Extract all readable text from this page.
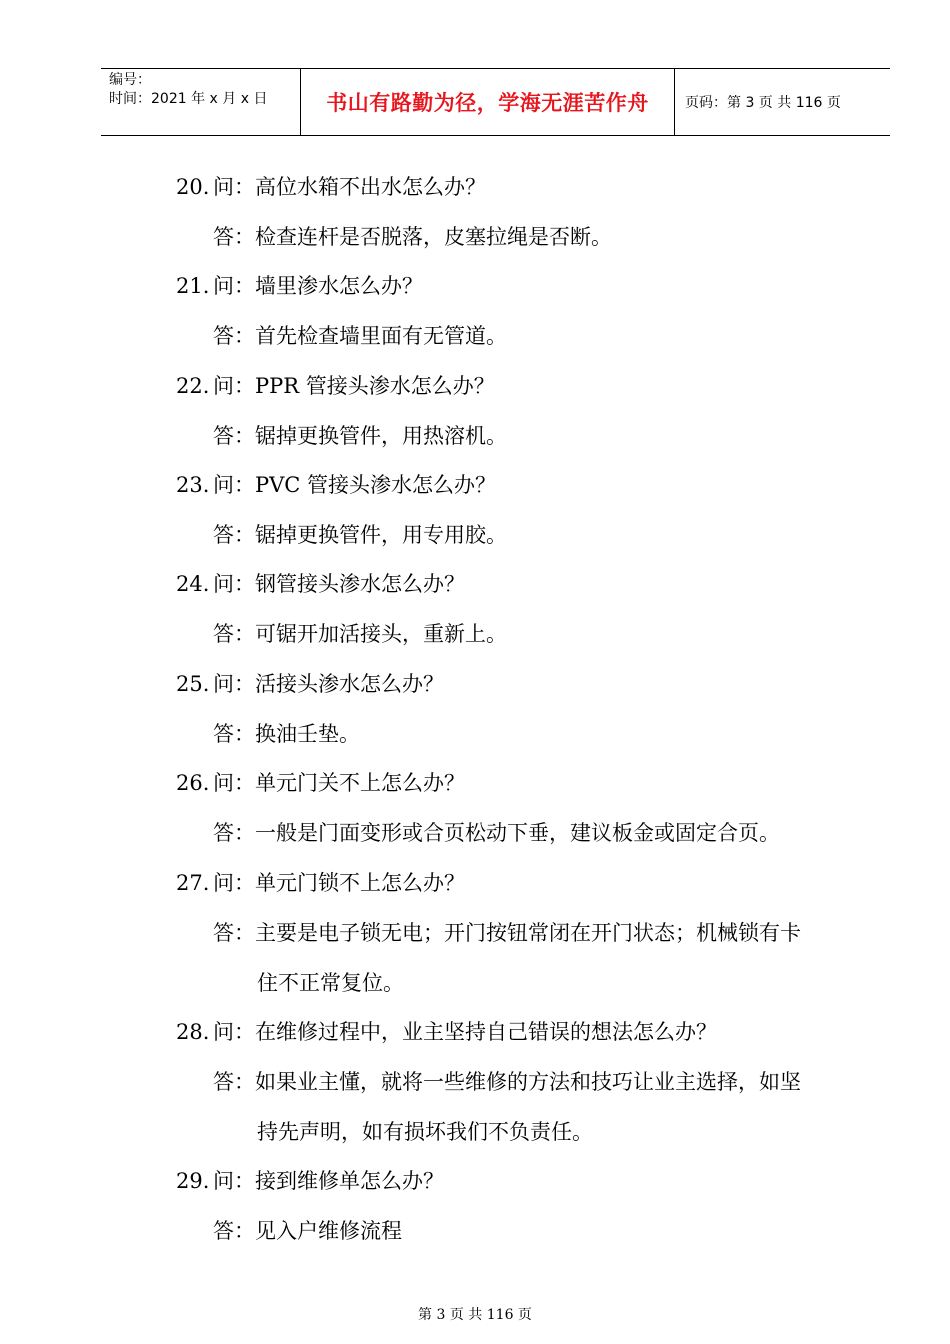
编号：
时间：2021 年 x 月 x 日	书山有路勤为径，学海无涯苦作舟	页码：第 3 页 共 116 页
20. 问：高位水箱不出水怎么办？
答：检查连杆是否脱落，皮塞拉绳是否断。
21. 问：墙里渗水怎么办？
答：首先检查墙里面有无管道。
22. 问：PPR 管接头渗水怎么办？
答：锯掉更换管件，用热溶机。
23. 问：PVC 管接头渗水怎么办？
答：锯掉更换管件，用专用胶。
24. 问：钢管接头渗水怎么办？
答：可锯开加活接头，重新上。
25. 问：活接头渗水怎么办？
答：换油壬垫。
26. 问：单元门关不上怎么办？
答：一般是门面变形或合页松动下垂，建议板金或固定合页。
27. 问：单元门锁不上怎么办？
答：主要是电子锁无电；开门按钮常闭在开门状态；机械锁有卡
住不正常复位。
28. 问：在维修过程中，业主坚持自己错误的想法怎么办？
答：如果业主懂，就将一些维修的方法和技巧让业主选择，如坚
持先声明，如有损坏我们不负责任。
29. 问：接到维修单怎么办？
答：见入户维修流程
第 3 页 共 116 页
